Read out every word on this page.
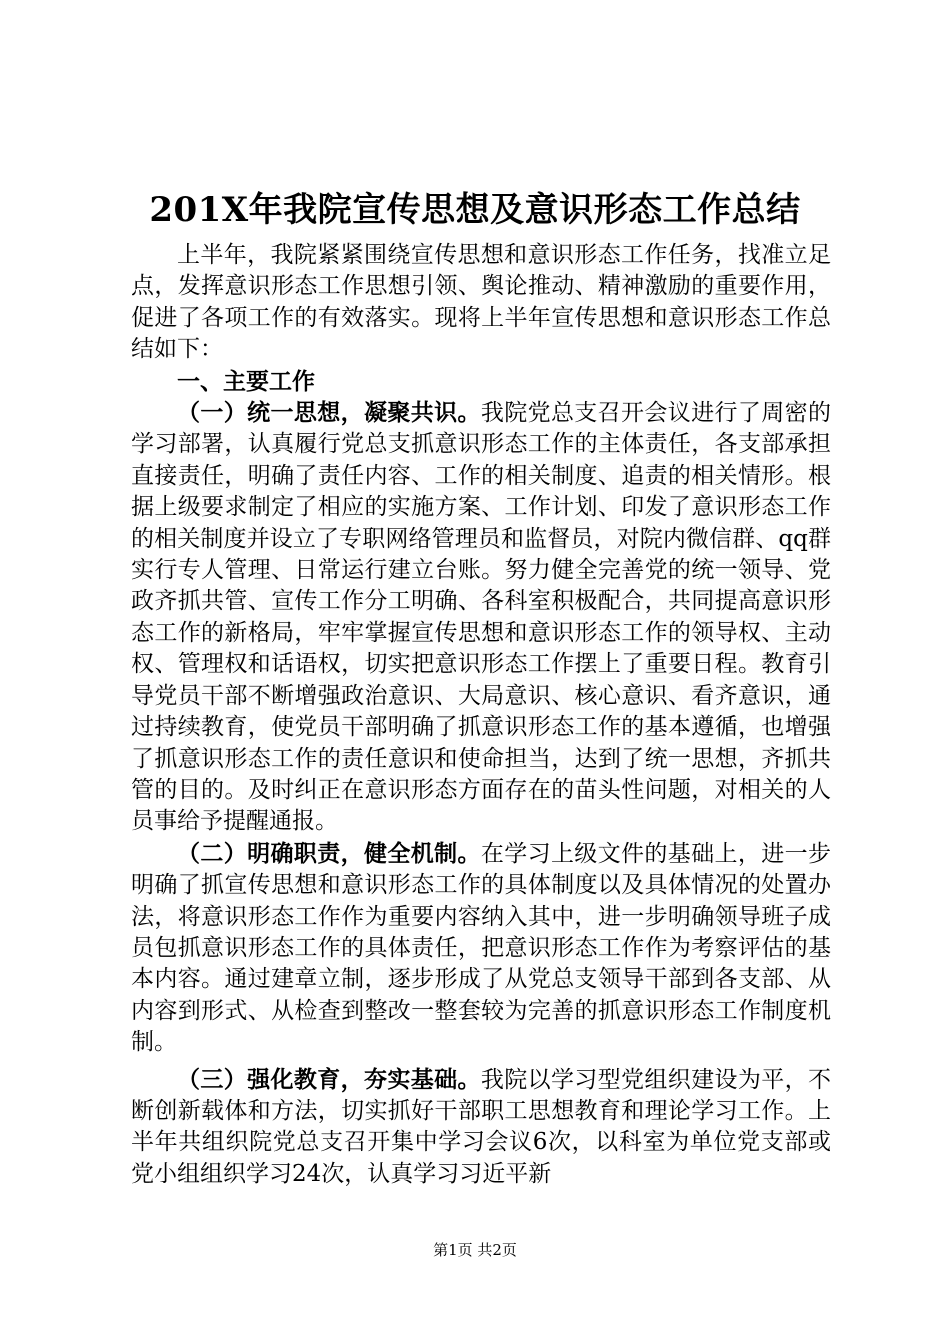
201X年我院宣传思想及意识形态工作总结

上半年，我院紧紧围绕宣传思想和意识形态工作任务，找准立足点，发挥意识形态工作思想引领、舆论推动、精神激励的重要作用，促进了各项工作的有效落实。现将上半年宣传思想和意识形态工作总结如下：

一、主要工作

（一）统一思想，凝聚共识。我院党总支召开会议进行了周密的学习部署，认真履行党总支抓意识形态工作的主体责任，各支部承担直接责任，明确了责任内容、工作的相关制度、追责的相关情形。根据上级要求制定了相应的实施方案、工作计划、印发了意识形态工作的相关制度并设立了专职网络管理员和监督员，对院内微信群、qq群实行专人管理、日常运行建立台账。努力健全完善党的统一领导、党政齐抓共管、宣传工作分工明确、各科室积极配合，共同提高意识形态工作的新格局，牢牢掌握宣传思想和意识形态工作的领导权、主动权、管理权和话语权，切实把意识形态工作摆上了重要日程。教育引导党员干部不断增强政治意识、大局意识、核心意识、看齐意识，通过持续教育，使党员干部明确了抓意识形态工作的基本遵循，也增强了抓意识形态工作的责任意识和使命担当，达到了统一思想，齐抓共管的目的。及时纠正在意识形态方面存在的苗头性问题，对相关的人员事给予提醒通报。

（二）明确职责，健全机制。在学习上级文件的基础上，进一步明确了抓宣传思想和意识形态工作的具体制度以及具体情况的处置办法，将意识形态工作作为重要内容纳入其中，进一步明确领导班子成员包抓意识形态工作的具体责任，把意识形态工作作为考察评估的基本内容。通过建章立制，逐步形成了从党总支领导干部到各支部、从内容到形式、从检查到整改一整套较为完善的抓意识形态工作制度机制。

（三）强化教育，夯实基础。我院以学习型党组织建设为平，不断创新载体和方法，切实抓好干部职工思想教育和理论学习工作。上半年共组织院党总支召开集中学习会议6次，以科室为单位党支部或党小组组织学习24次，认真学习习近平新

第1页 共2页
